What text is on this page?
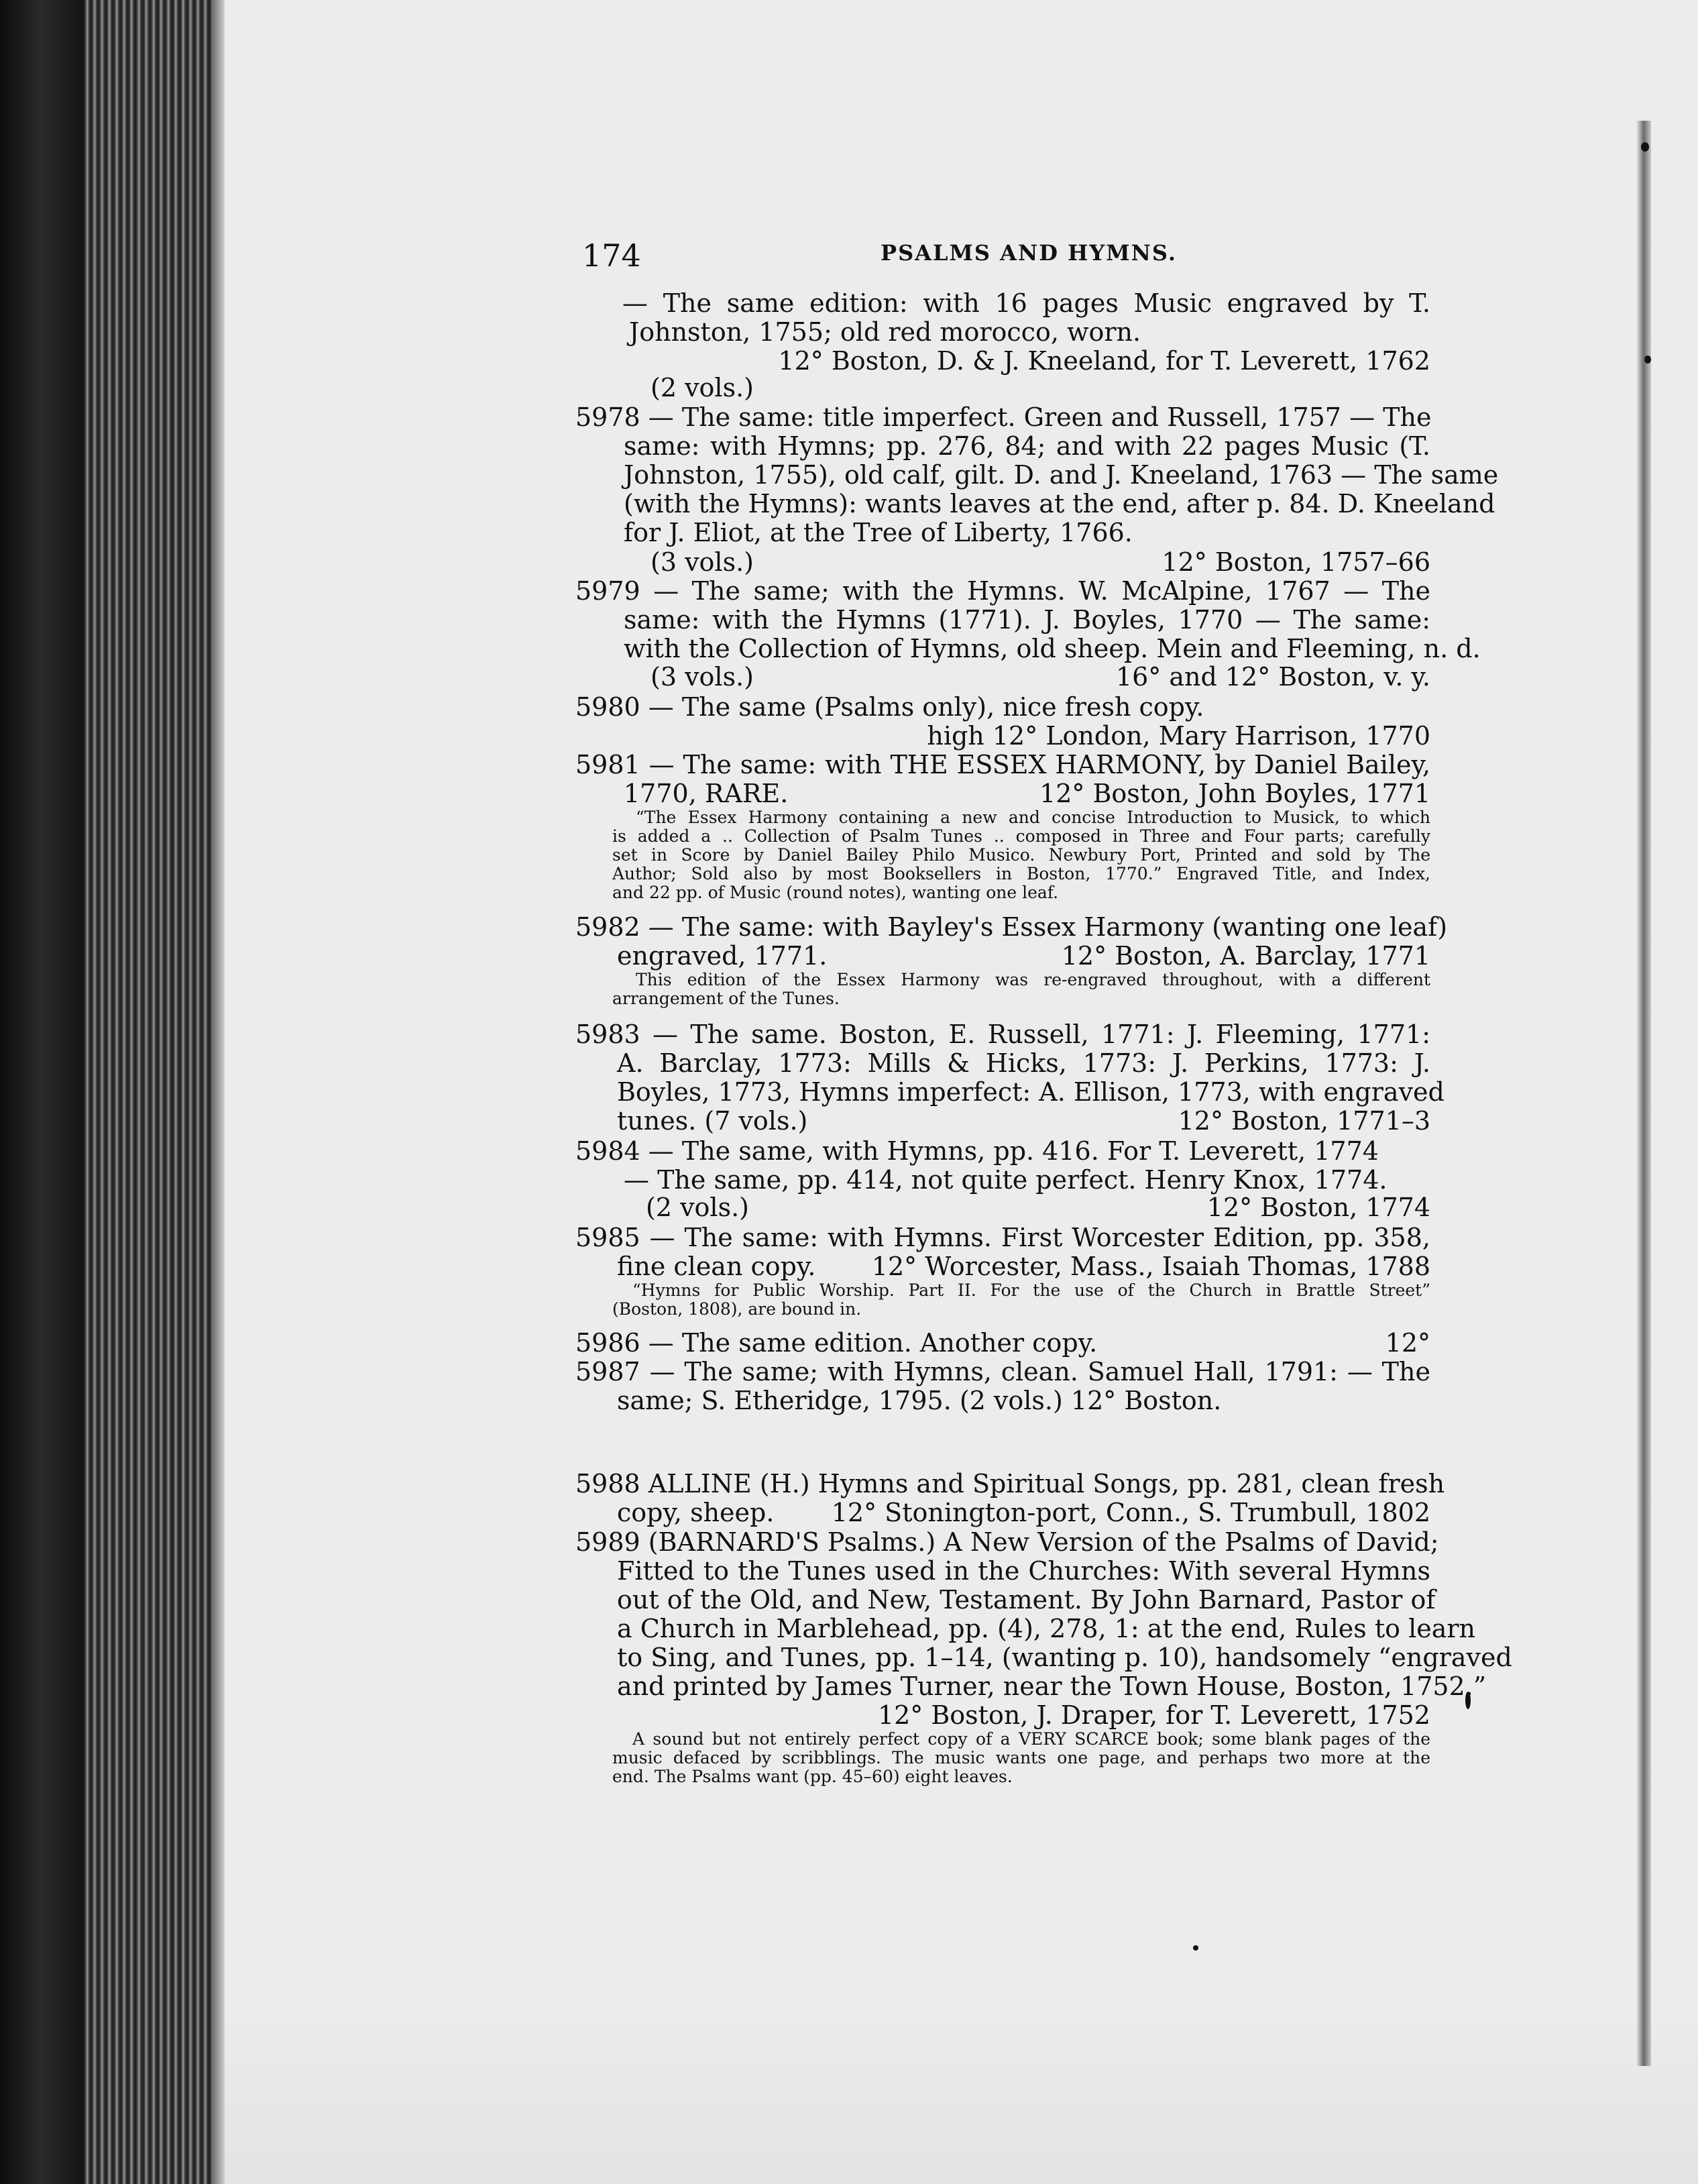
174	PSALMS AND HYMNS.
— The same edition: with 16 pages Music engraved by T.
Johnston, 1755; old red morocco, worn.
12° Boston, D. & J. Kneeland, for T. Leverett, 1762
(2 vols.)
5978 — The same: title imperfect. Green and Russell, 1757 — The
same: with Hymns; pp. 276, 84; and with 22 pages Music (T.
Johnston, 1755), old calf, gilt. D. and J. Kneeland, 1763 — The same
(with the Hymns): wants leaves at the end, after p. 84. D. Kneeland
for J. Eliot, at the Tree of Liberty, 1766.
(3 vols.)	12° Boston, 1757–66
5979 — The same; with the Hymns. W. McAlpine, 1767 — The
same: with the Hymns (1771). J. Boyles, 1770 — The same:
with the Collection of Hymns, old sheep. Mein and Fleeming, n. d.
(3 vols.)	16° and 12° Boston, v. y.
5980 — The same (Psalms only), nice fresh copy.
high 12° London, Mary Harrison, 1770
5981 — The same: with THE ESSEX HARMONY, by Daniel Bailey,
1770, RARE.	12° Boston, John Boyles, 1771
“The Essex Harmony containing a new and concise Introduction to Musick, to which
is added a .. Collection of Psalm Tunes .. composed in Three and Four parts; carefully
set in Score by Daniel Bailey Philo Musico. Newbury Port, Printed and sold by The
Author; Sold also by most Booksellers in Boston, 1770.” Engraved Title, and Index,
and 22 pp. of Music (round notes), wanting one leaf.
5982 — The same: with Bayley's Essex Harmony (wanting one leaf)
engraved, 1771.	12° Boston, A. Barclay, 1771
This edition of the Essex Harmony was re-engraved throughout, with a different
arrangement of the Tunes.
5983 — The same. Boston, E. Russell, 1771: J. Fleeming, 1771:
A. Barclay, 1773: Mills & Hicks, 1773: J. Perkins, 1773: J.
Boyles, 1773, Hymns imperfect: A. Ellison, 1773, with engraved
tunes. (7 vols.)	12° Boston, 1771–3
5984 — The same, with Hymns, pp. 416. For T. Leverett, 1774
— The same, pp. 414, not quite perfect. Henry Knox, 1774.
(2 vols.)	12° Boston, 1774
5985 — The same: with Hymns. First Worcester Edition, pp. 358,
fine clean copy.	12° Worcester, Mass., Isaiah Thomas, 1788
“Hymns for Public Worship. Part II. For the use of the Church in Brattle Street”
(Boston, 1808), are bound in.
5986 — The same edition. Another copy.	12°
5987 — The same; with Hymns, clean. Samuel Hall, 1791: — The
same; S. Etheridge, 1795. (2 vols.) 12° Boston.
5988 ALLINE (H.) Hymns and Spiritual Songs, pp. 281, clean fresh
copy, sheep.	12° Stonington-port, Conn., S. Trumbull, 1802
5989 (BARNARD'S Psalms.) A New Version of the Psalms of David;
Fitted to the Tunes used in the Churches: With several Hymns
out of the Old, and New, Testament. By John Barnard, Pastor of
a Church in Marblehead, pp. (4), 278, 1: at the end, Rules to learn
to Sing, and Tunes, pp. 1–14, (wanting p. 10), handsomely “engraved
and printed by James Turner, near the Town House, Boston, 1752.”
12° Boston, J. Draper, for T. Leverett, 1752
A sound but not entirely perfect copy of a VERY SCARCE book; some blank pages of the
music defaced by scribblings. The music wants one page, and perhaps two more at the
end. The Psalms want (pp. 45–60) eight leaves.
